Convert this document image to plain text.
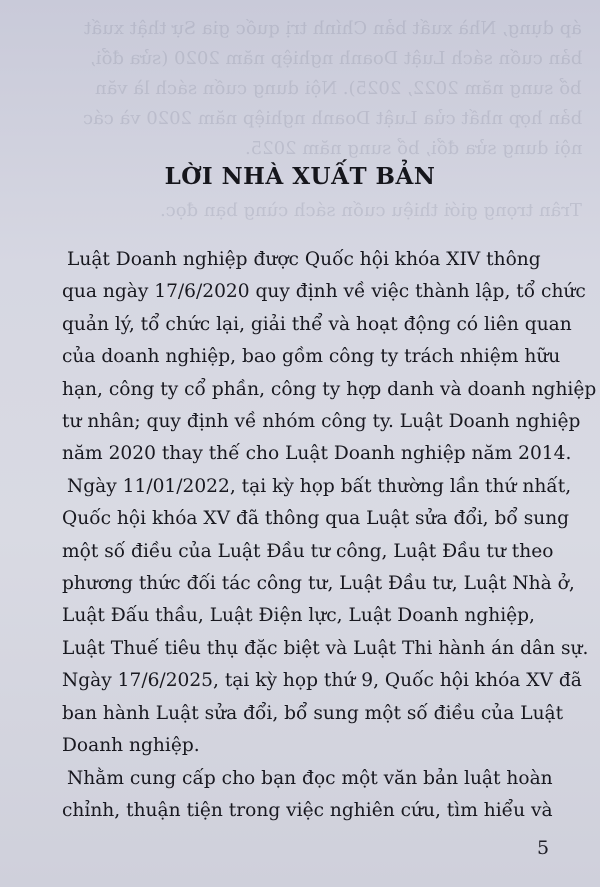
áp dụng, Nhà xuất bản Chính trị quốc gia Sự thật xuất
bản cuốn sách Luật Doanh nghiệp năm 2020 (sửa đổi,
bổ sung năm 2022, 2025). Nội dung cuốn sách là văn
bản hợp nhất của Luật Doanh nghiệp năm 2020 và các
nội dung sửa đổi, bổ sung năm 2025.
Trân trọng giới thiệu cuốn sách cùng bạn đọc.
LỜI NHÀ XUẤT BẢN
Luật Doanh nghiệp được Quốc hội khóa XIV thông
qua ngày 17/6/2020 quy định về việc thành lập, tổ chức
quản lý, tổ chức lại, giải thể và hoạt động có liên quan
của doanh nghiệp, bao gồm công ty trách nhiệm hữu
hạn, công ty cổ phần, công ty hợp danh và doanh nghiệp
tư nhân; quy định về nhóm công ty. Luật Doanh nghiệp
năm 2020 thay thế cho Luật Doanh nghiệp năm 2014.
Ngày 11/01/2022, tại kỳ họp bất thường lần thứ nhất,
Quốc hội khóa XV đã thông qua Luật sửa đổi, bổ sung
một số điều của Luật Đầu tư công, Luật Đầu tư theo
phương thức đối tác công tư, Luật Đầu tư, Luật Nhà ở,
Luật Đấu thầu, Luật Điện lực, Luật Doanh nghiệp,
Luật Thuế tiêu thụ đặc biệt và Luật Thi hành án dân sự.
Ngày 17/6/2025, tại kỳ họp thứ 9, Quốc hội khóa XV đã
ban hành Luật sửa đổi, bổ sung một số điều của Luật
Doanh nghiệp.
Nhằm cung cấp cho bạn đọc một văn bản luật hoàn
chỉnh, thuận tiện trong việc nghiên cứu, tìm hiểu và
5
